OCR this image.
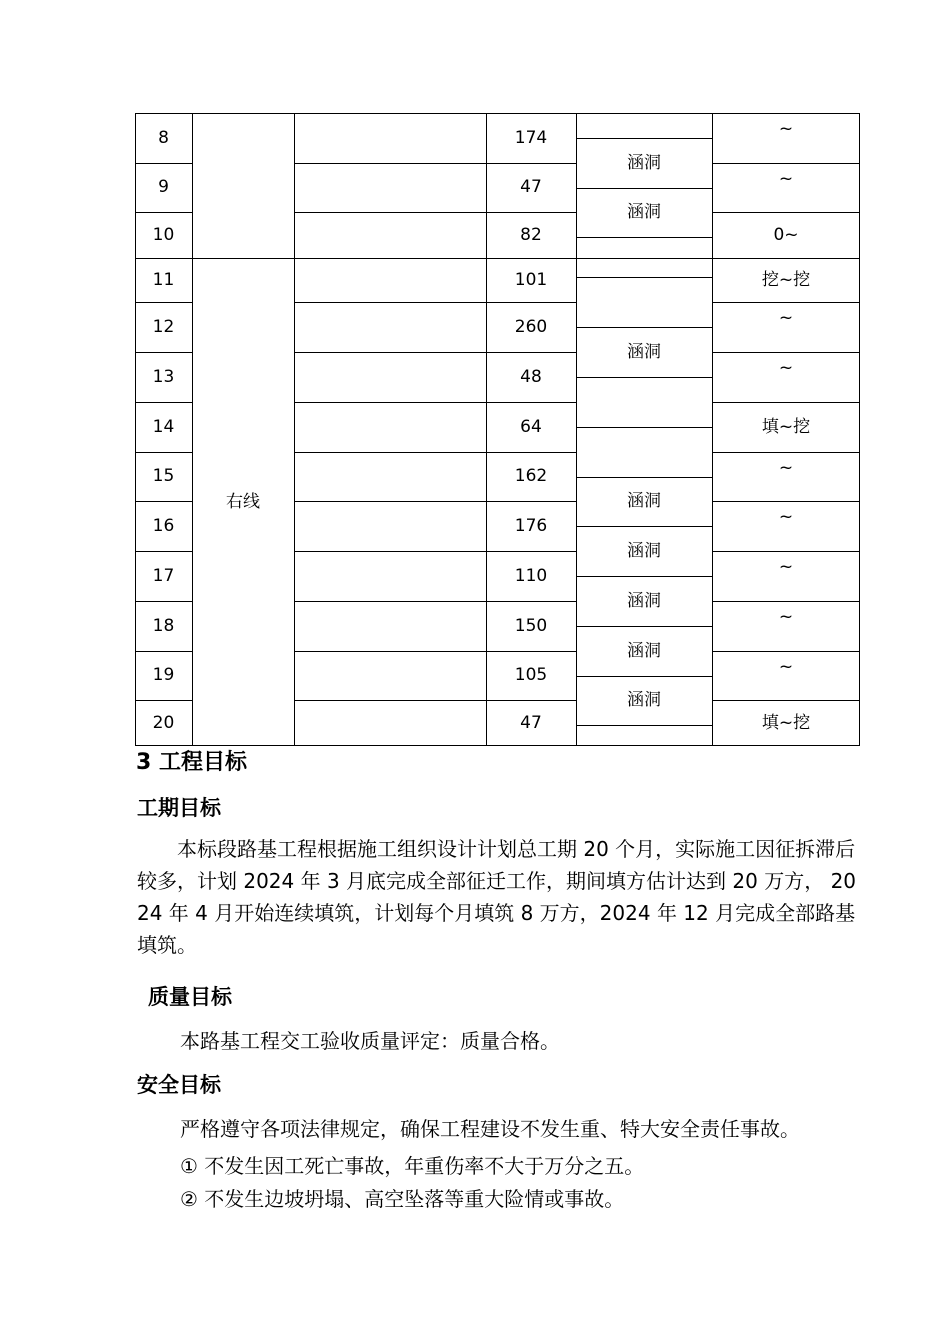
8
9
10
11
12
13
14
15
16
17
18
19
20
右线
174
47
82
101
260
48
64
162
176
110
150
105
47
涵洞
涵洞
涵洞
涵洞
涵洞
涵洞
涵洞
涵洞
~
~
0~
挖~挖
~
~
填~挖
~
~
~
~
~
填~挖
3 工程目标
工期目标

本标段路基工程根据施工组织设计计划总工期 20 个月，实际施工因征拆滞后较多，计划 2024 年 3 月底完成全部征迁工作，期间填方估计达到 20 万方， 2024 年 4 月开始连续填筑，计划每个月填筑 8 万方，2024 年 12 月完成全部路基填筑。

质量目标

本路基工程交工验收质量评定：质量合格。

安全目标

严格遵守各项法律规定，确保工程建设不发生重、特大安全责任事故。

① 不发生因工死亡事故，年重伤率不大于万分之五。

② 不发生边坡坍塌、高空坠落等重大险情或事故。
